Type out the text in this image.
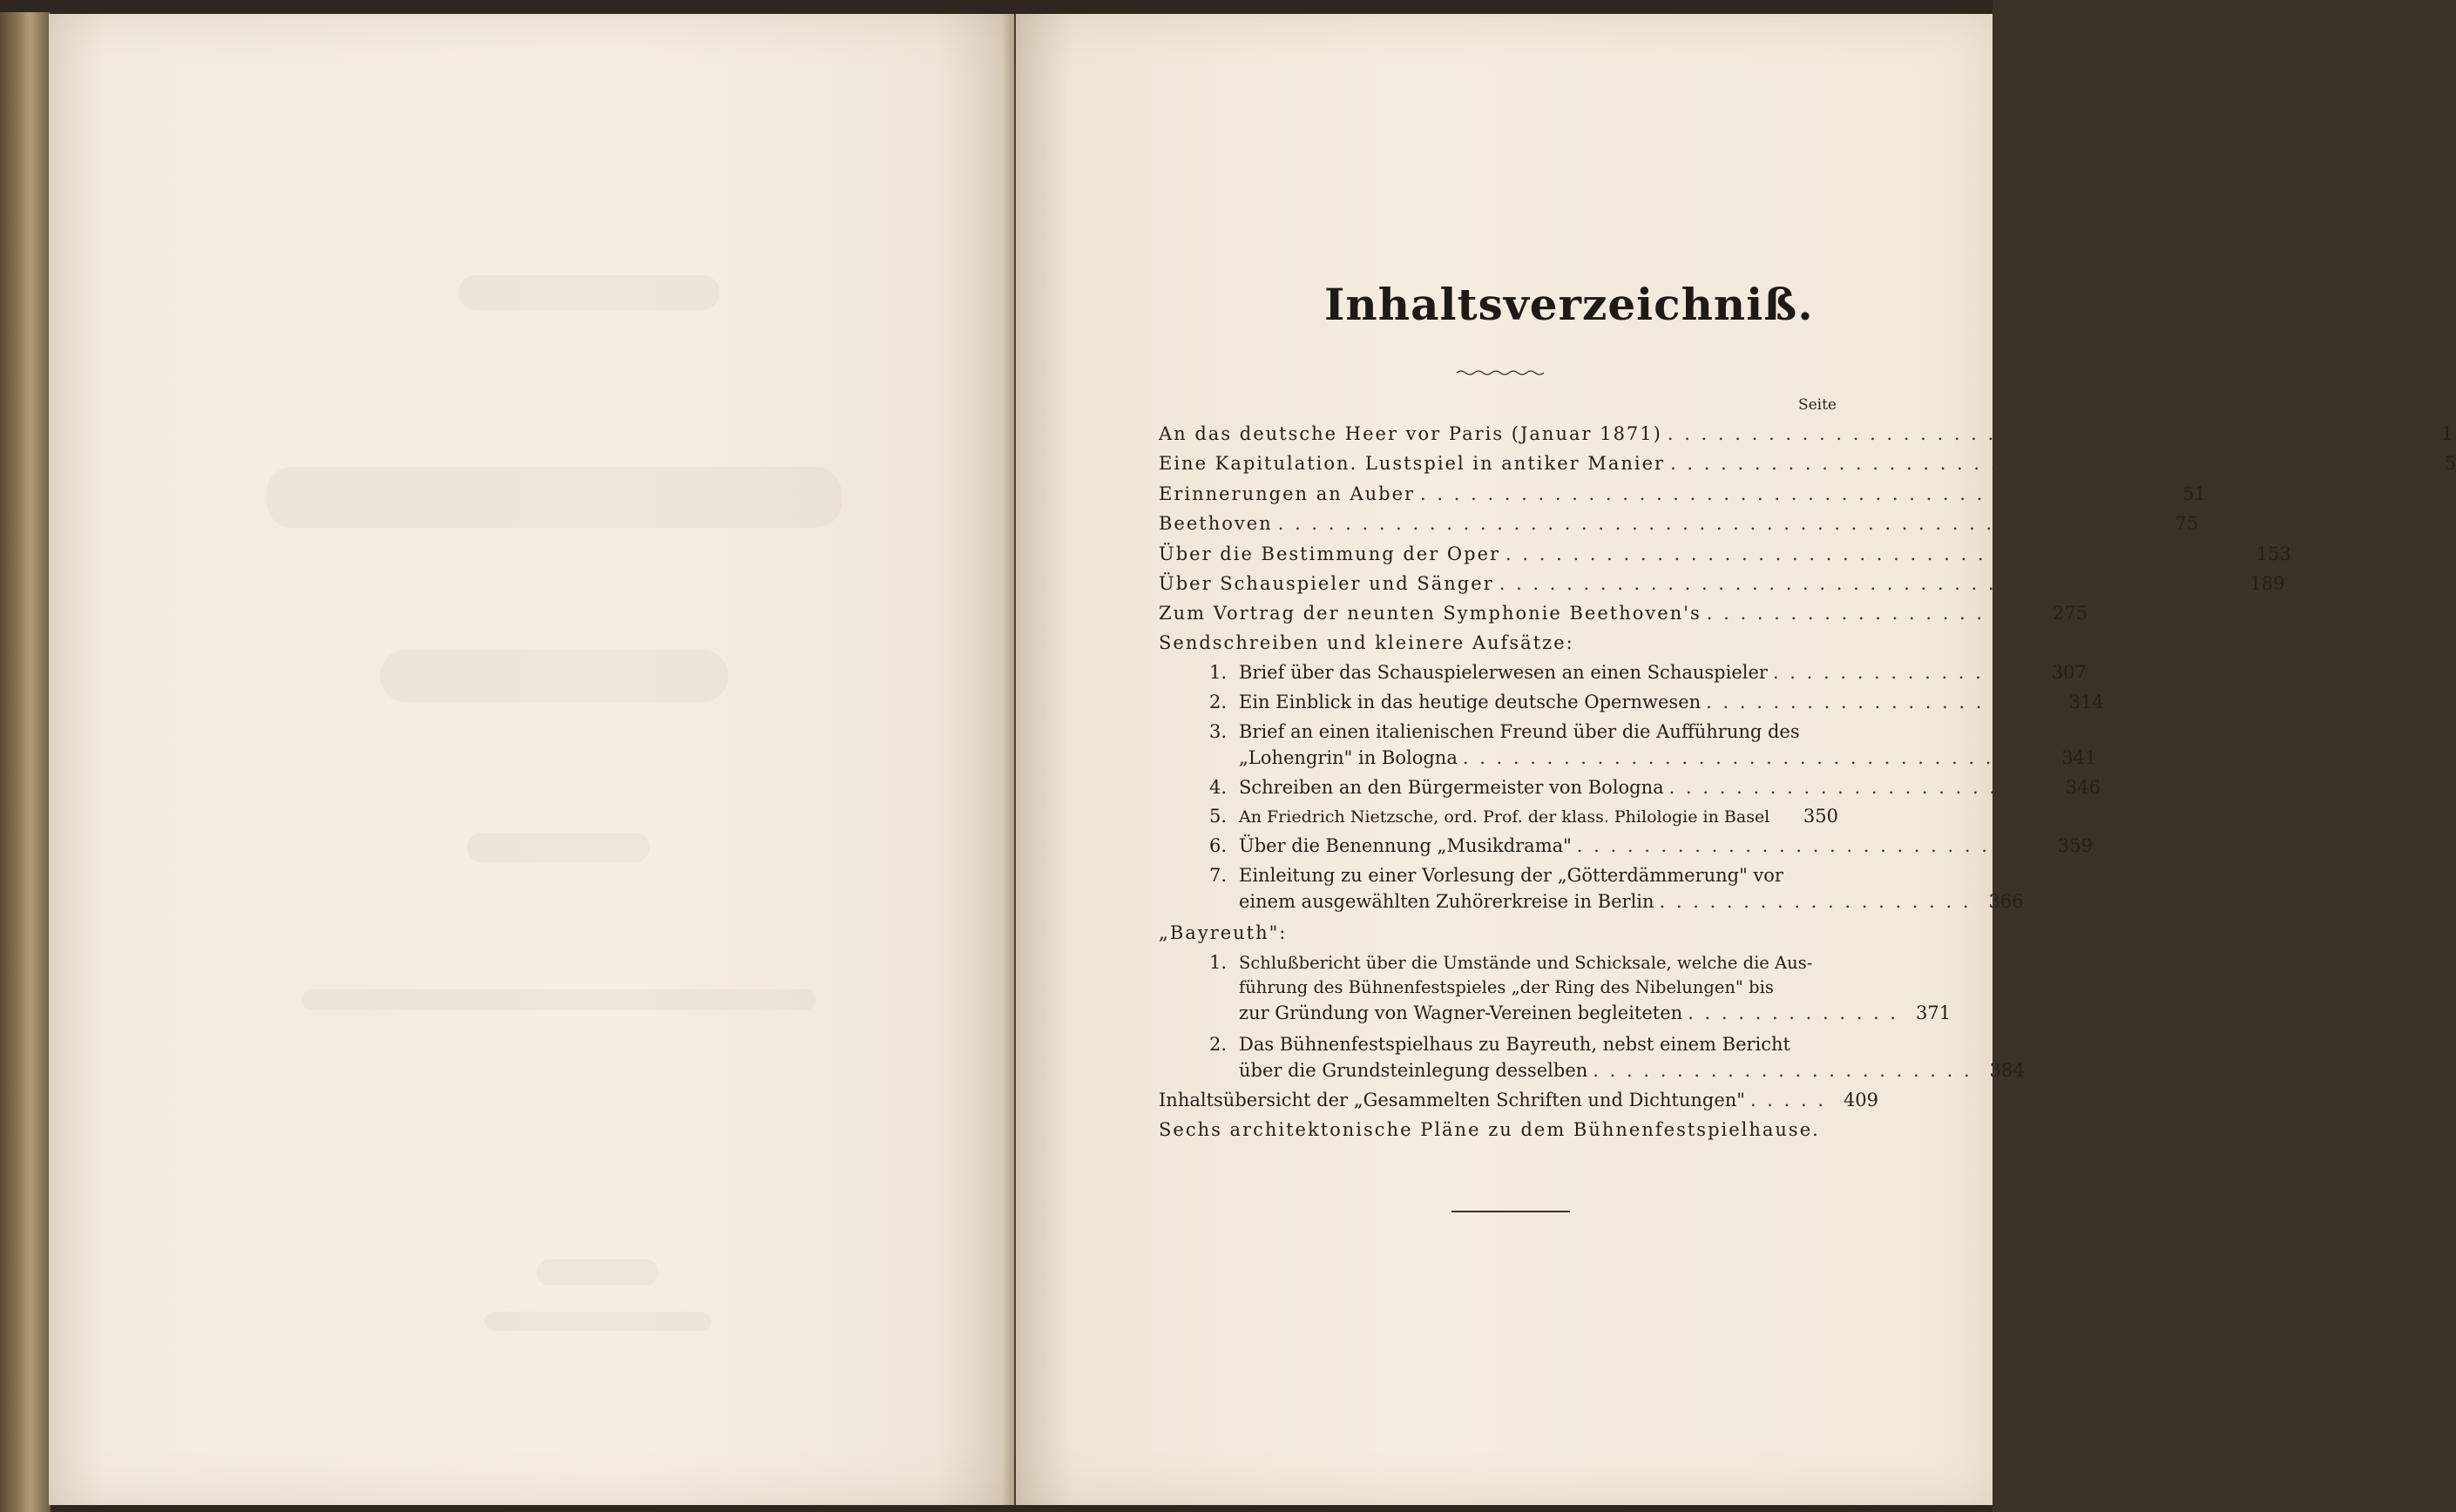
Inhaltsverzeichniß.
Seite
An das deutsche Heer vor Paris (Januar 1871) . . . . . . . . . . . . . . . . . . . . . . . . . . . . . . . . . . . . . . . . . . . .	1
Eine Kapitulation. Lustspiel in antiker Manier . . . . . . . . . . . . . . . . . . . . . . . . . . . . . . . . . . . . . . . . . . . .	5
Erinnerungen an Auber . . . . . . . . . . . . . . . . . . . . . . . . . . . . . . . . . . . . . . . . . . . .	51
Beethoven . . . . . . . . . . . . . . . . . . . . . . . . . . . . . . . . . . . . . . . . . . . . . . . . . . . .	75
Über die Bestimmung der Oper . . . . . . . . . . . . . . . . . . . . . . . . . . . . . . . . . . . . . . . . . . . . 153
Über Schauspieler und Sänger . . . . . . . . . . . . . . . . . . . . . . . . . . . . . . . . . . . . . . . . . . . . 189
Zum Vortrag der neunten Symphonie Beethoven's . . . . . . . . . . . . . . . . . . . . 275
Sendschreiben und kleinere Aufsätze:
1. Brief über das Schauspielerwesen an einen Schauspieler . . . . . . . . . . . . . . . . 307
2. Ein Einblick in das heutige deutsche Opernwesen . . . . . . . . . . . . . . . . . . . . . 314
3. Brief an einen italienischen Freund über die Aufführung des
„Lohengrin" in Bologna . . . . . . . . . . . . . . . . . . . . . . . . . . . . . . . . . . . 341
4. Schreiben an den Bürgermeister von Bologna . . . . . . . . . . . . . . . . . . . . . . . 346
5. An Friedrich Nietzsche, ord. Prof. der klass. Philologie in Basel	350
6. Über die Benennung „Musikdrama" . . . . . . . . . . . . . . . . . . . . . . . . . . . . 359
7. Einleitung zu einer Vorlesung der „Götterdämmerung" vor
einem ausgewählten Zuhörerkreise in Berlin . . . . . . . . . . . . . . . . . . . 366
„Bayreuth":
1. Schlußbericht über die Umstände und Schicksale, welche die Aus-
führung des Bühnenfestspieles „der Ring des Nibelungen" bis
zur Gründung von Wagner-Vereinen begleiteten . . . . . . . . . . . . . 371
2. Das Bühnenfestspielhaus zu Bayreuth, nebst einem Bericht
über die Grundsteinlegung desselben . . . . . . . . . . . . . . . . . . . . . . . 384
Inhaltsübersicht der „Gesammelten Schriften und Dichtungen" . . . . . 409
Sechs architektonische Pläne zu dem Bühnenfestspielhause.
